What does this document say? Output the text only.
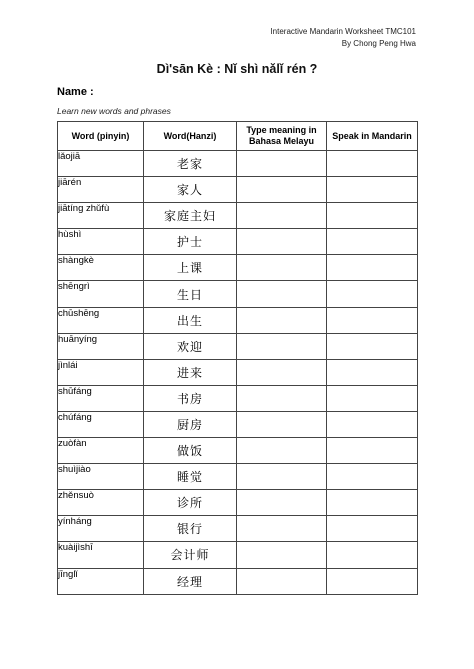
Interactive Mandarin Worksheet TMC101
By Chong Peng Hwa
Dì'sān Kè : Nǐ shì nǎlǐ rén ?
Name :
Learn new words and phrases
Word (pinyin)	Word(Hanzi)	Type meaning in Bahasa Melayu	Speak in Mandarin
lǎojiā	老家		
jiārén	家人		
jiātíng zhǔfù	家庭主妇		
hùshì	护士		
shàngkè	上课		
shēngrì	生日		
chūshēng	出生		
huānyíng	欢迎		
jìnlái	进来		
shūfáng	书房		
chúfáng	厨房		
zuòfàn	做饭		
shuìjiào	睡觉		
zhěnsuò	诊所		
yínháng	银行		
kuàijìshī	会计师		
jīnglǐ	经理		
